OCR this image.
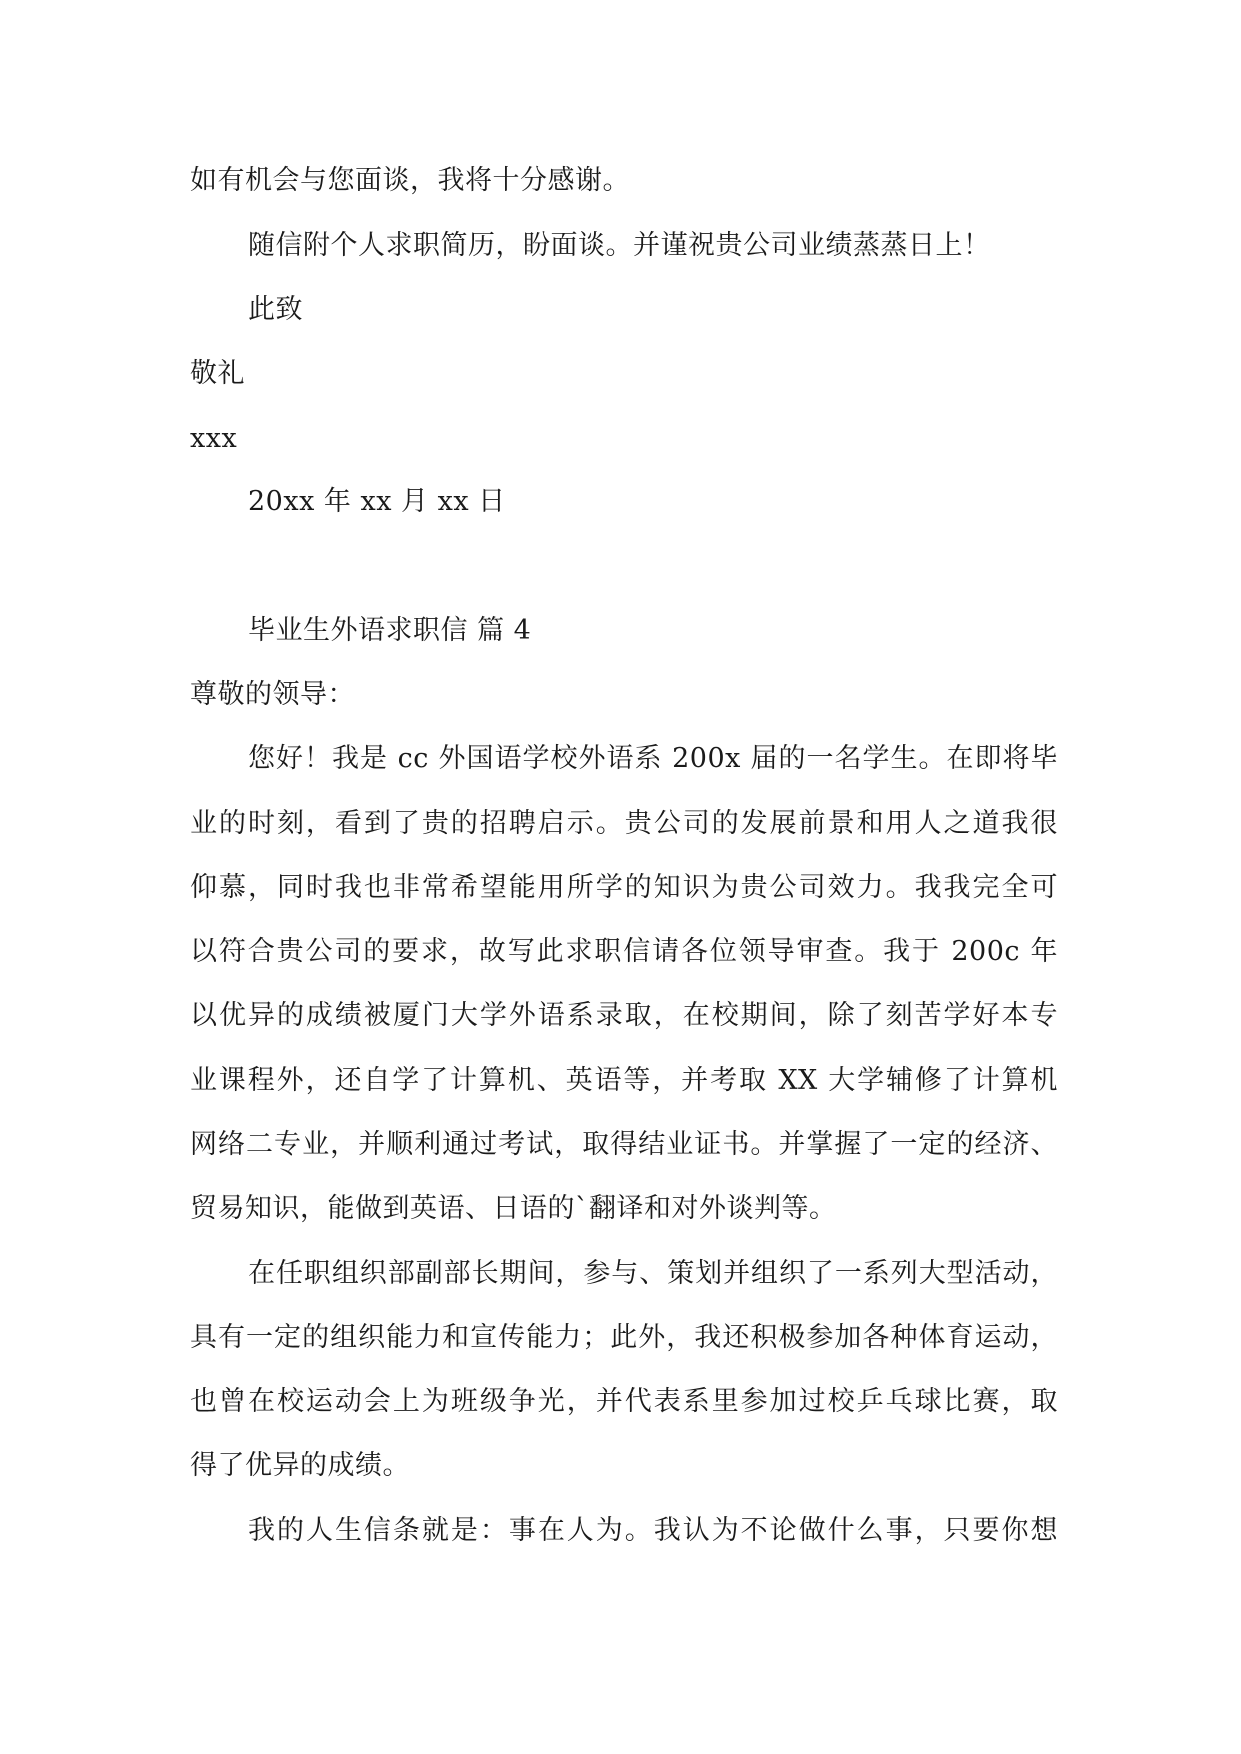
如有机会与您面谈，我将十分感谢。
随信附个人求职简历，盼面谈。并谨祝贵公司业绩蒸蒸日上！
此致
敬礼
xxx
20xx 年 xx 月 xx 日
毕业生外语求职信 篇 4
尊敬的领导：
您好！我是 cc 外国语学校外语系 200x 届的一名学生。在即将毕
业的时刻，看到了贵的招聘启示。贵公司的发展前景和用人之道我很
仰慕，同时我也非常希望能用所学的知识为贵公司效力。我我完全可
以符合贵公司的要求，故写此求职信请各位领导审查。我于 200c 年
以优异的成绩被厦门大学外语系录取，在校期间，除了刻苦学好本专
业课程外，还自学了计算机、英语等，并考取 XX 大学辅修了计算机
网络二专业，并顺利通过考试，取得结业证书。并掌握了一定的经济、
贸易知识，能做到英语、日语的`翻译和对外谈判等。
在任职组织部副部长期间，参与、策划并组织了一系列大型活动，
具有一定的组织能力和宣传能力；此外，我还积极参加各种体育运动，
也曾在校运动会上为班级争光，并代表系里参加过校乒乓球比赛，取
得了优异的成绩。
我的人生信条就是：事在人为。我认为不论做什么事，只要你想
